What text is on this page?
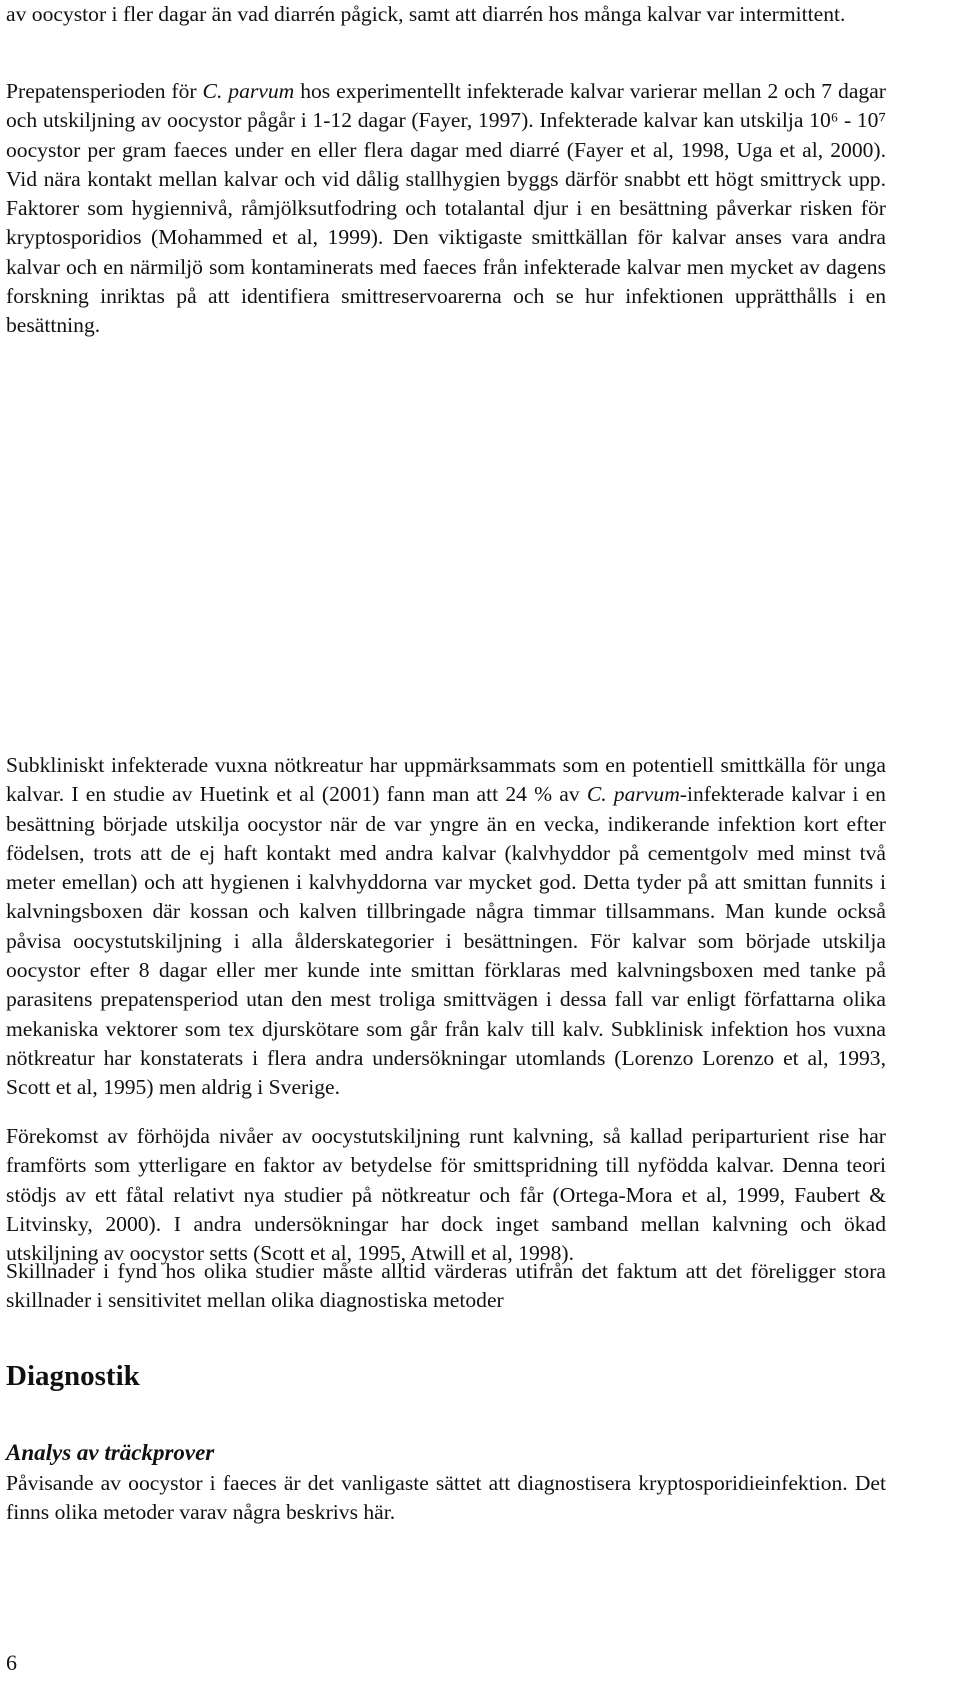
av oocystor i fler dagar än vad diarrén pågick, samt att diarrén hos många kalvar var intermittent.

Prepatensperioden för C. parvum hos experimentellt infekterade kalvar varierar mellan 2 och 7 dagar och utskiljning av oocystor pågår i 1-12 dagar (Fayer, 1997). Infekterade kalvar kan utskilja 10⁶ - 10⁷ oocystor per gram faeces under en eller flera dagar med diarré (Fayer et al, 1998, Uga et al, 2000). Vid nära kontakt mellan kalvar och vid dålig stallhygien byggs därför snabbt ett högt smittryck upp. Faktorer som hygiennivå, råmjölksutfodring och totalantal djur i en besättning påverkar risken för kryptosporidios (Mohammed et al, 1999). Den viktigaste smittkällan för kalvar anses vara andra kalvar och en närmiljö som kontaminerats med faeces från infekterade kalvar men mycket av dagens forskning inriktas på att identifiera smittreservoarerna och se hur infektionen upprätthålls i en besättning.

Subkliniskt infekterade vuxna nötkreatur har uppmärksammats som en potentiell smittkälla för unga kalvar. I en studie av Huetink et al (2001) fann man att 24 % av C. parvum-infekterade kalvar i en besättning började utskilja oocystor när de var yngre än en vecka, indikerande infektion kort efter födelsen, trots att de ej haft kontakt med andra kalvar (kalvhyddor på cementgolv med minst två meter emellan) och att hygienen i kalvhyddorna var mycket god. Detta tyder på att smittan funnits i kalvningsboxen där kossan och kalven tillbringade några timmar tillsammans. Man kunde också påvisa oocystutskiljning i alla ålderskategorier i besättningen. För kalvar som började utskilja oocystor efter 8 dagar eller mer kunde inte smittan förklaras med kalvningsboxen med tanke på parasitens prepatensperiod utan den mest troliga smittvägen i dessa fall var enligt författarna olika mekaniska vektorer som tex djurskötare som går från kalv till kalv. Subklinisk infektion hos vuxna nötkreatur har konstaterats i flera andra undersökningar utomlands (Lorenzo Lorenzo et al, 1993, Scott et al, 1995) men aldrig i Sverige.

Förekomst av förhöjda nivåer av oocystutskiljning runt kalvning, så kallad periparturient rise har framförts som ytterligare en faktor av betydelse för smittspridning till nyfödda kalvar. Denna teori stödjs av ett fåtal relativt nya studier på nötkreatur och får (Ortega-Mora et al, 1999, Faubert & Litvinsky, 2000). I andra undersökningar har dock inget samband mellan kalvning och ökad utskiljning av oocystor setts (Scott et al, 1995, Atwill et al, 1998).

Skillnader i fynd hos olika studier måste alltid värderas utifrån det faktum att det föreligger stora skillnader i sensitivitet mellan olika diagnostiska metoder

Diagnostik
Analys av träckprover

Påvisande av oocystor i faeces är det vanligaste sättet att diagnostisera kryptosporidieinfektion. Det finns olika metoder varav några beskrivs här.

6
